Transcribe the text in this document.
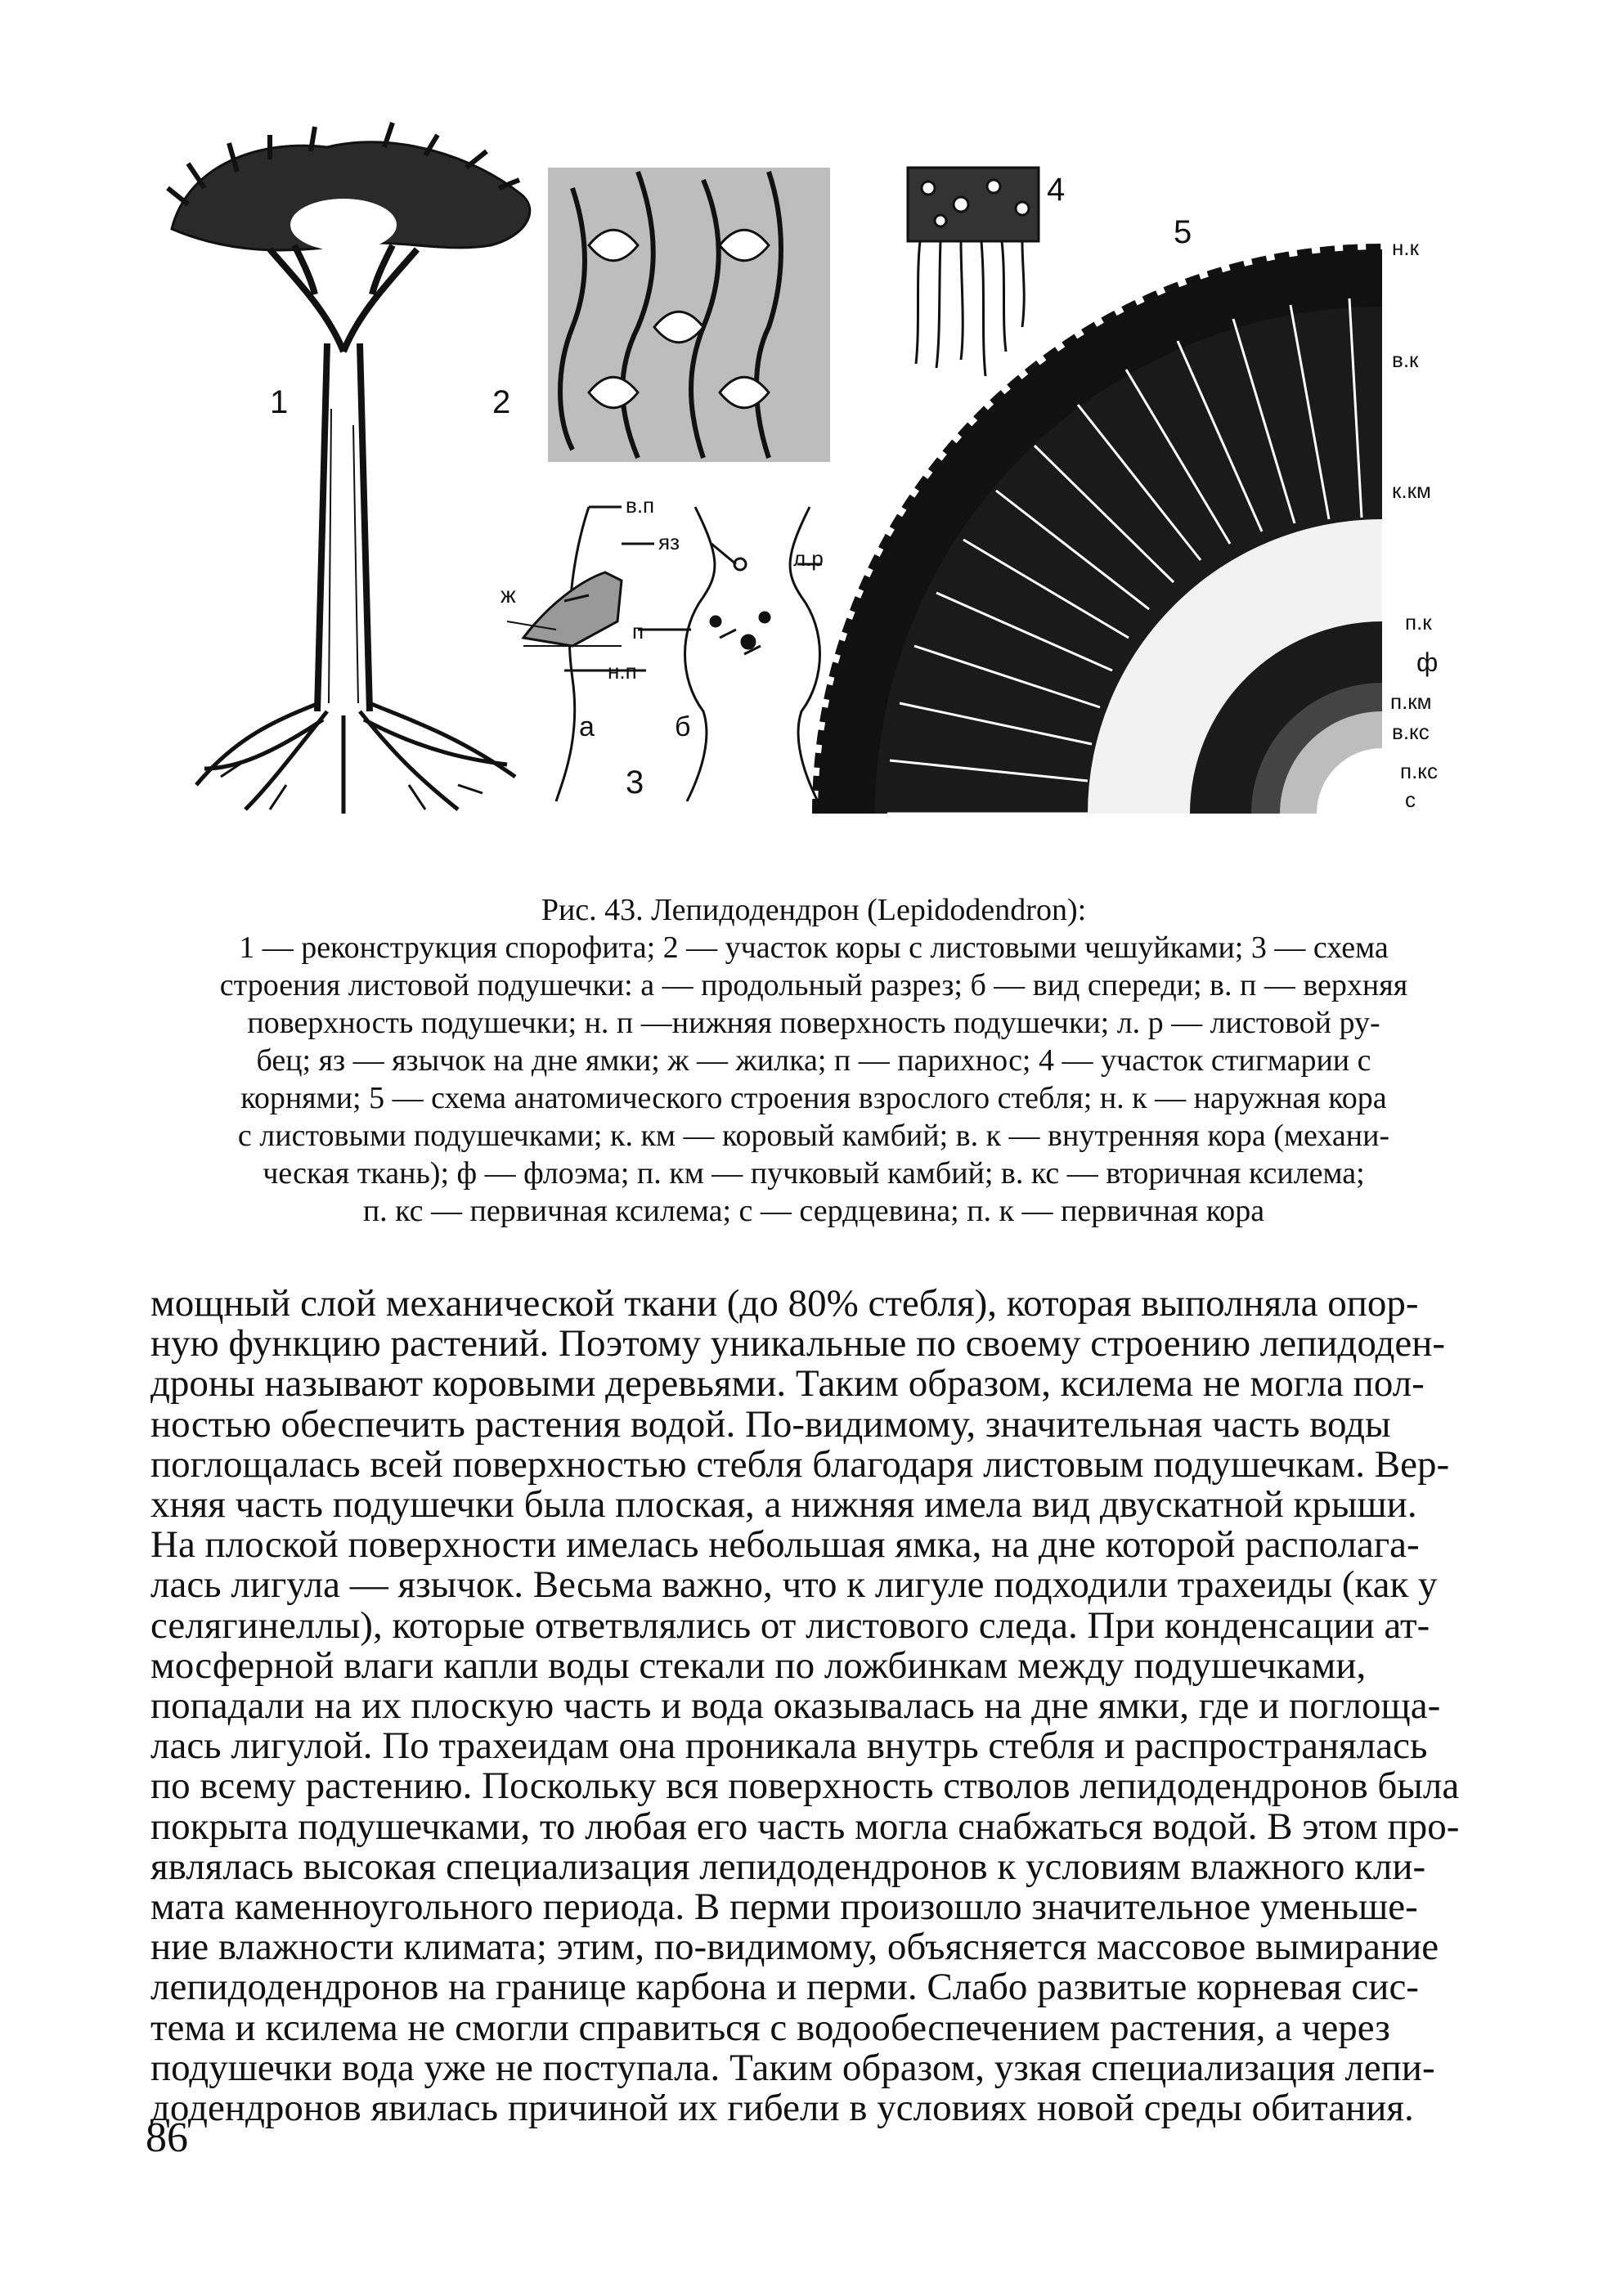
1	2
3
4
5
в.п
яз
л.р
ж
п
н.п
а	б
н.к
в.к
к.км
п.к
ф
п.км
в.кс
п.кс
с
Рис. 43. Лепидодендрон (Lepidodendron):
1 — реконструкция спорофита; 2 — участок коры с листовыми чешуйками; 3 — схема
строения листовой подушечки: а — продольный разрез; б — вид спереди; в. п — верхняя
поверхность подушечки; н. п —нижняя поверхность подушечки; л. р — листовой ру-
бец; яз — язычок на дне ямки; ж — жилка; п — парихнос; 4 — участок стигмарии с
корнями; 5 — схема анатомического строения взрослого стебля; н. к — наружная кора
с листовыми подушечками; к. км — коровый камбий; в. к — внутренняя кора (механи-
ческая ткань); ф — флоэма; п. км — пучковый камбий; в. кс — вторичная ксилема;
п. кс — первичная ксилема; с — сердцевина; п. к — первичная кора
мощный слой механической ткани (до 80% стебля), которая выполняла опор-
ную функцию растений. Поэтому уникальные по своему строению лепидоден-
дроны называют коровыми деревьями. Таким образом, ксилема не могла пол-
ностью обеспечить растения водой. По-видимому, значительная часть воды
поглощалась всей поверхностью стебля благодаря листовым подушечкам. Вер-
хняя часть подушечки была плоская, а нижняя имела вид двускатной крыши.
На плоской поверхности имелась небольшая ямка, на дне которой располага-
лась лигула — язычок. Весьма важно, что к лигуле подходили трахеиды (как у
селягинеллы), которые ответвлялись от листового следа. При конденсации ат-
мосферной влаги капли воды стекали по ложбинкам между подушечками,
попадали на их плоскую часть и вода оказывалась на дне ямки, где и поглоща-
лась лигулой. По трахеидам она проникала внутрь стебля и распространялась
по всему растению. Поскольку вся поверхность стволов лепидодендронов была
покрыта подушечками, то любая его часть могла снабжаться водой. В этом про-
являлась высокая специализация лепидодендронов к условиям влажного кли-
мата каменноугольного периода. В перми произошло значительное уменьше-
ние влажности климата; этим, по-видимому, объясняется массовое вымирание
лепидодендронов на границе карбона и перми. Слабо развитые корневая сис-
тема и ксилема не смогли справиться с водообеспечением растения, а через
подушечки вода уже не поступала. Таким образом, узкая специализация лепи-
додендронов явилась причиной их гибели в условиях новой среды обитания.
86
